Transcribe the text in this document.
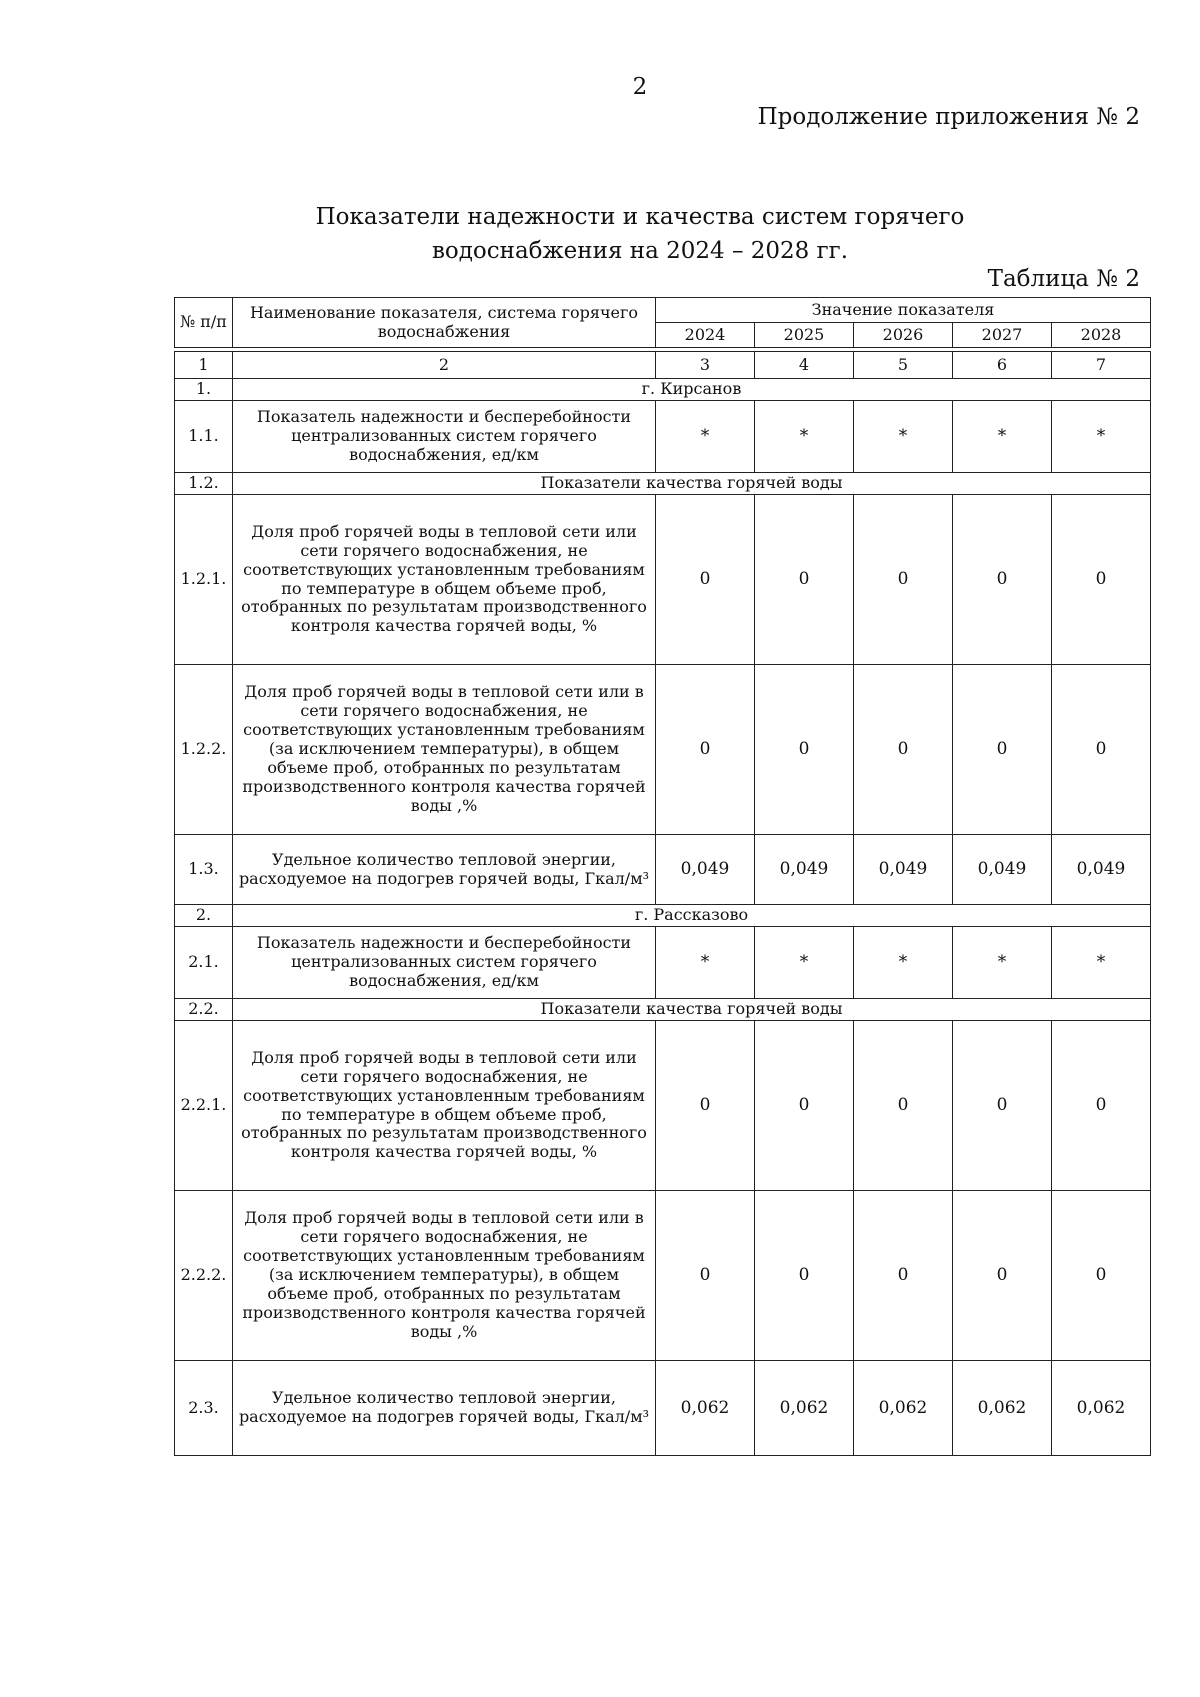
2
Продолжение приложения № 2
Показатели надежности и качества систем горячего
водоснабжения на 2024 – 2028 гг.
Таблица № 2
№ п/п	Наименование показателя, система горячего водоснабжения	Значение показателя				
		2024	2025	2026	2027	2028

1	2	3	4	5	6	7
1.	г. Кирсанов					
1.1.	Показатель надежности и бесперебойности централизованных систем горячего водоснабжения, ед/км	*	*	*	*	*
1.2.	Показатели качества горячей воды					
1.2.1.	Доля проб горячей воды в тепловой сети или сети горячего водоснабжения, не соответствующих установленным требованиям по температуре в общем объеме проб, отобранных по результатам производственного контроля качества горячей воды, %	0	0	0	0	0
1.2.2.	Доля проб горячей воды в тепловой сети или в сети горячего водоснабжения, не соответствующих установленным требованиям (за исключением температуры), в общем объеме проб, отобранных по результатам производственного контроля качества горячей воды ,%	0	0	0	0	0
1.3.	Удельное количество тепловой энергии, расходуемое на подогрев горячей воды, Гкал/м³	0,049	0,049	0,049	0,049	0,049
2.	г. Рассказово					
2.1.	Показатель надежности и бесперебойности централизованных систем горячего водоснабжения, ед/км	*	*	*	*	*
2.2.	Показатели качества горячей воды					
2.2.1.	Доля проб горячей воды в тепловой сети или сети горячего водоснабжения, не соответствующих установленным требованиям по температуре в общем объеме проб, отобранных по результатам производственного контроля качества горячей воды, %	0	0	0	0	0
2.2.2.	Доля проб горячей воды в тепловой сети или в сети горячего водоснабжения, не соответствующих установленным требованиям (за исключением температуры), в общем объеме проб, отобранных по результатам производственного контроля качества горячей воды ,%	0	0	0	0	0
2.3.	Удельное количество тепловой энергии, расходуемое на подогрев горячей воды, Гкал/м³	0,062	0,062	0,062	0,062	0,062
